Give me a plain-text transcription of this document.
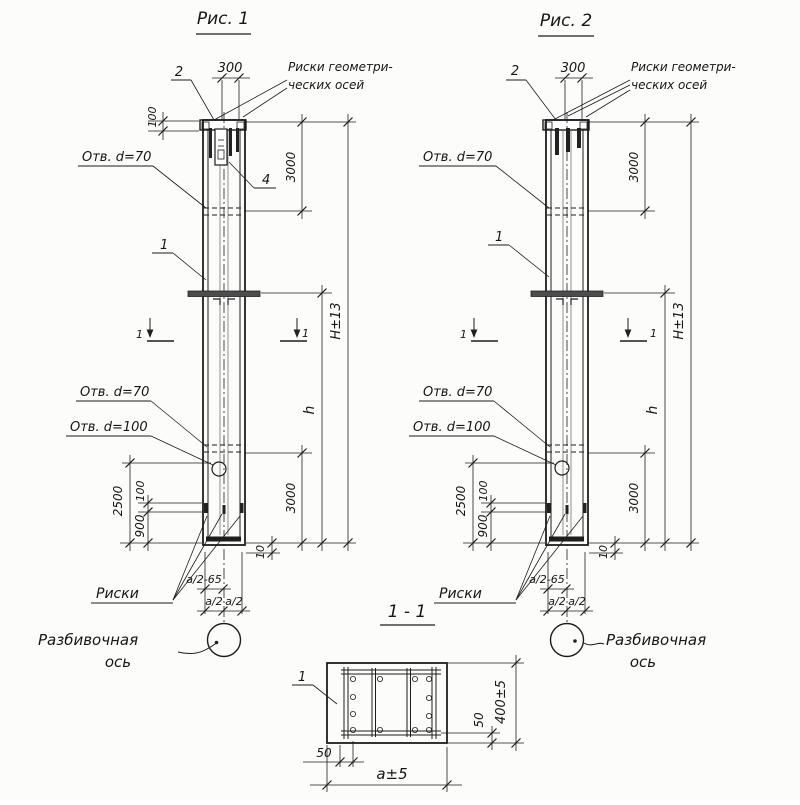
Рис. 1
2	300
100
Риски геометри-
ческих осей
Отв. d=70
4
1
Отв. d=70
Отв. d=100
1	1
3000
3000
h
H±13
10
2500 100
900
Риски
a/2-65
a/2 a/2
Разбивочная
ось
Рис. 2
2	300	Риски геометри-
ческих осей
Отв. d=70
1
Отв. d=70
Отв. d=100
1	1
3000
3000
h
H±13
10
2500 100
900
Риски
a/2-65
a/2 a/2
Разбивочная
ось
1 - 1
1
400±5
50
50
a±5
